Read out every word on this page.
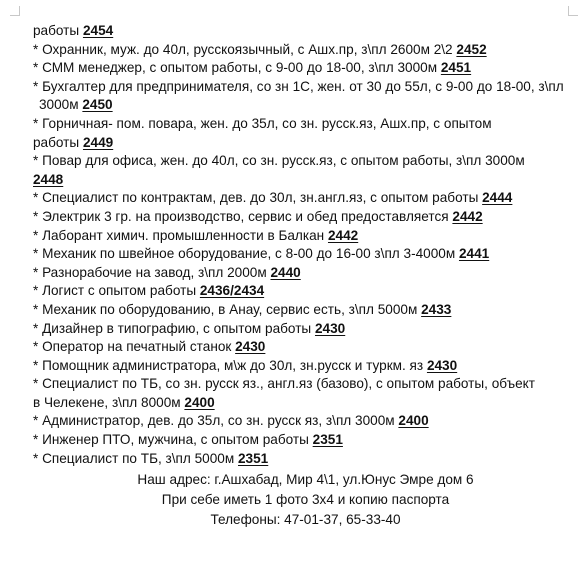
работы 2454

* Охранник, муж. до 40л, русскоязычный, с Ашх.пр, з\пл 2600м 2\2 2452

* СММ менеджер, с опытом работы, с 9-00 до 18-00, з\пл 3000м 2451

* Бухгалтер для предпринимателя, со зн 1С, жен. от 30 до 55л, с 9-00 до 18-00, з\пл
3000м 2450

* Горничная- пом. повара, жен. до 35л, со зн. русск.яз, Ашх.пр, с опытом
работы 2449

* Повар для офиса, жен. до 40л, со зн. русск.яз, с опытом работы, з\пл 3000м
2448

* Специалист по контрактам, дев. до 30л, зн.англ.яз, с опытом работы 2444

* Электрик 3 гр. на производство, сервис и обед предоставляется 2442

* Лаборант химич. промышленности в Балкан 2442

* Механик по швейное оборудование, с 8-00 до 16-00 з\пл 3-4000м 2441

* Разнорабочие на завод, з\пл 2000м 2440

* Логист с опытом работы 2436/2434

* Механик по оборудованию, в Анау, сервис есть, з\пл 5000м 2433

* Дизайнер в типографию, с опытом работы 2430

* Оператор на печатный станок 2430

* Помощник администратора, м\ж до 30л, зн.русск и туркм. яз 2430

* Специалист по ТБ, со зн. русск яз., англ.яз (базово), с опытом работы, объект
в Челекене, з\пл 8000м 2400

* Администратор, дев. до 35л, со зн. русск яз, з\пл 3000м 2400

* Инженер ПТО, мужчина, с опытом работы 2351

* Специалист по ТБ, з\пл 5000м 2351

Наш адрес: г.Ашхабад, Мир 4\1, ул.Юнус Эмре дом 6

При себе иметь 1 фото 3х4 и копию паспорта

Телефоны: 47-01-37, 65-33-40
